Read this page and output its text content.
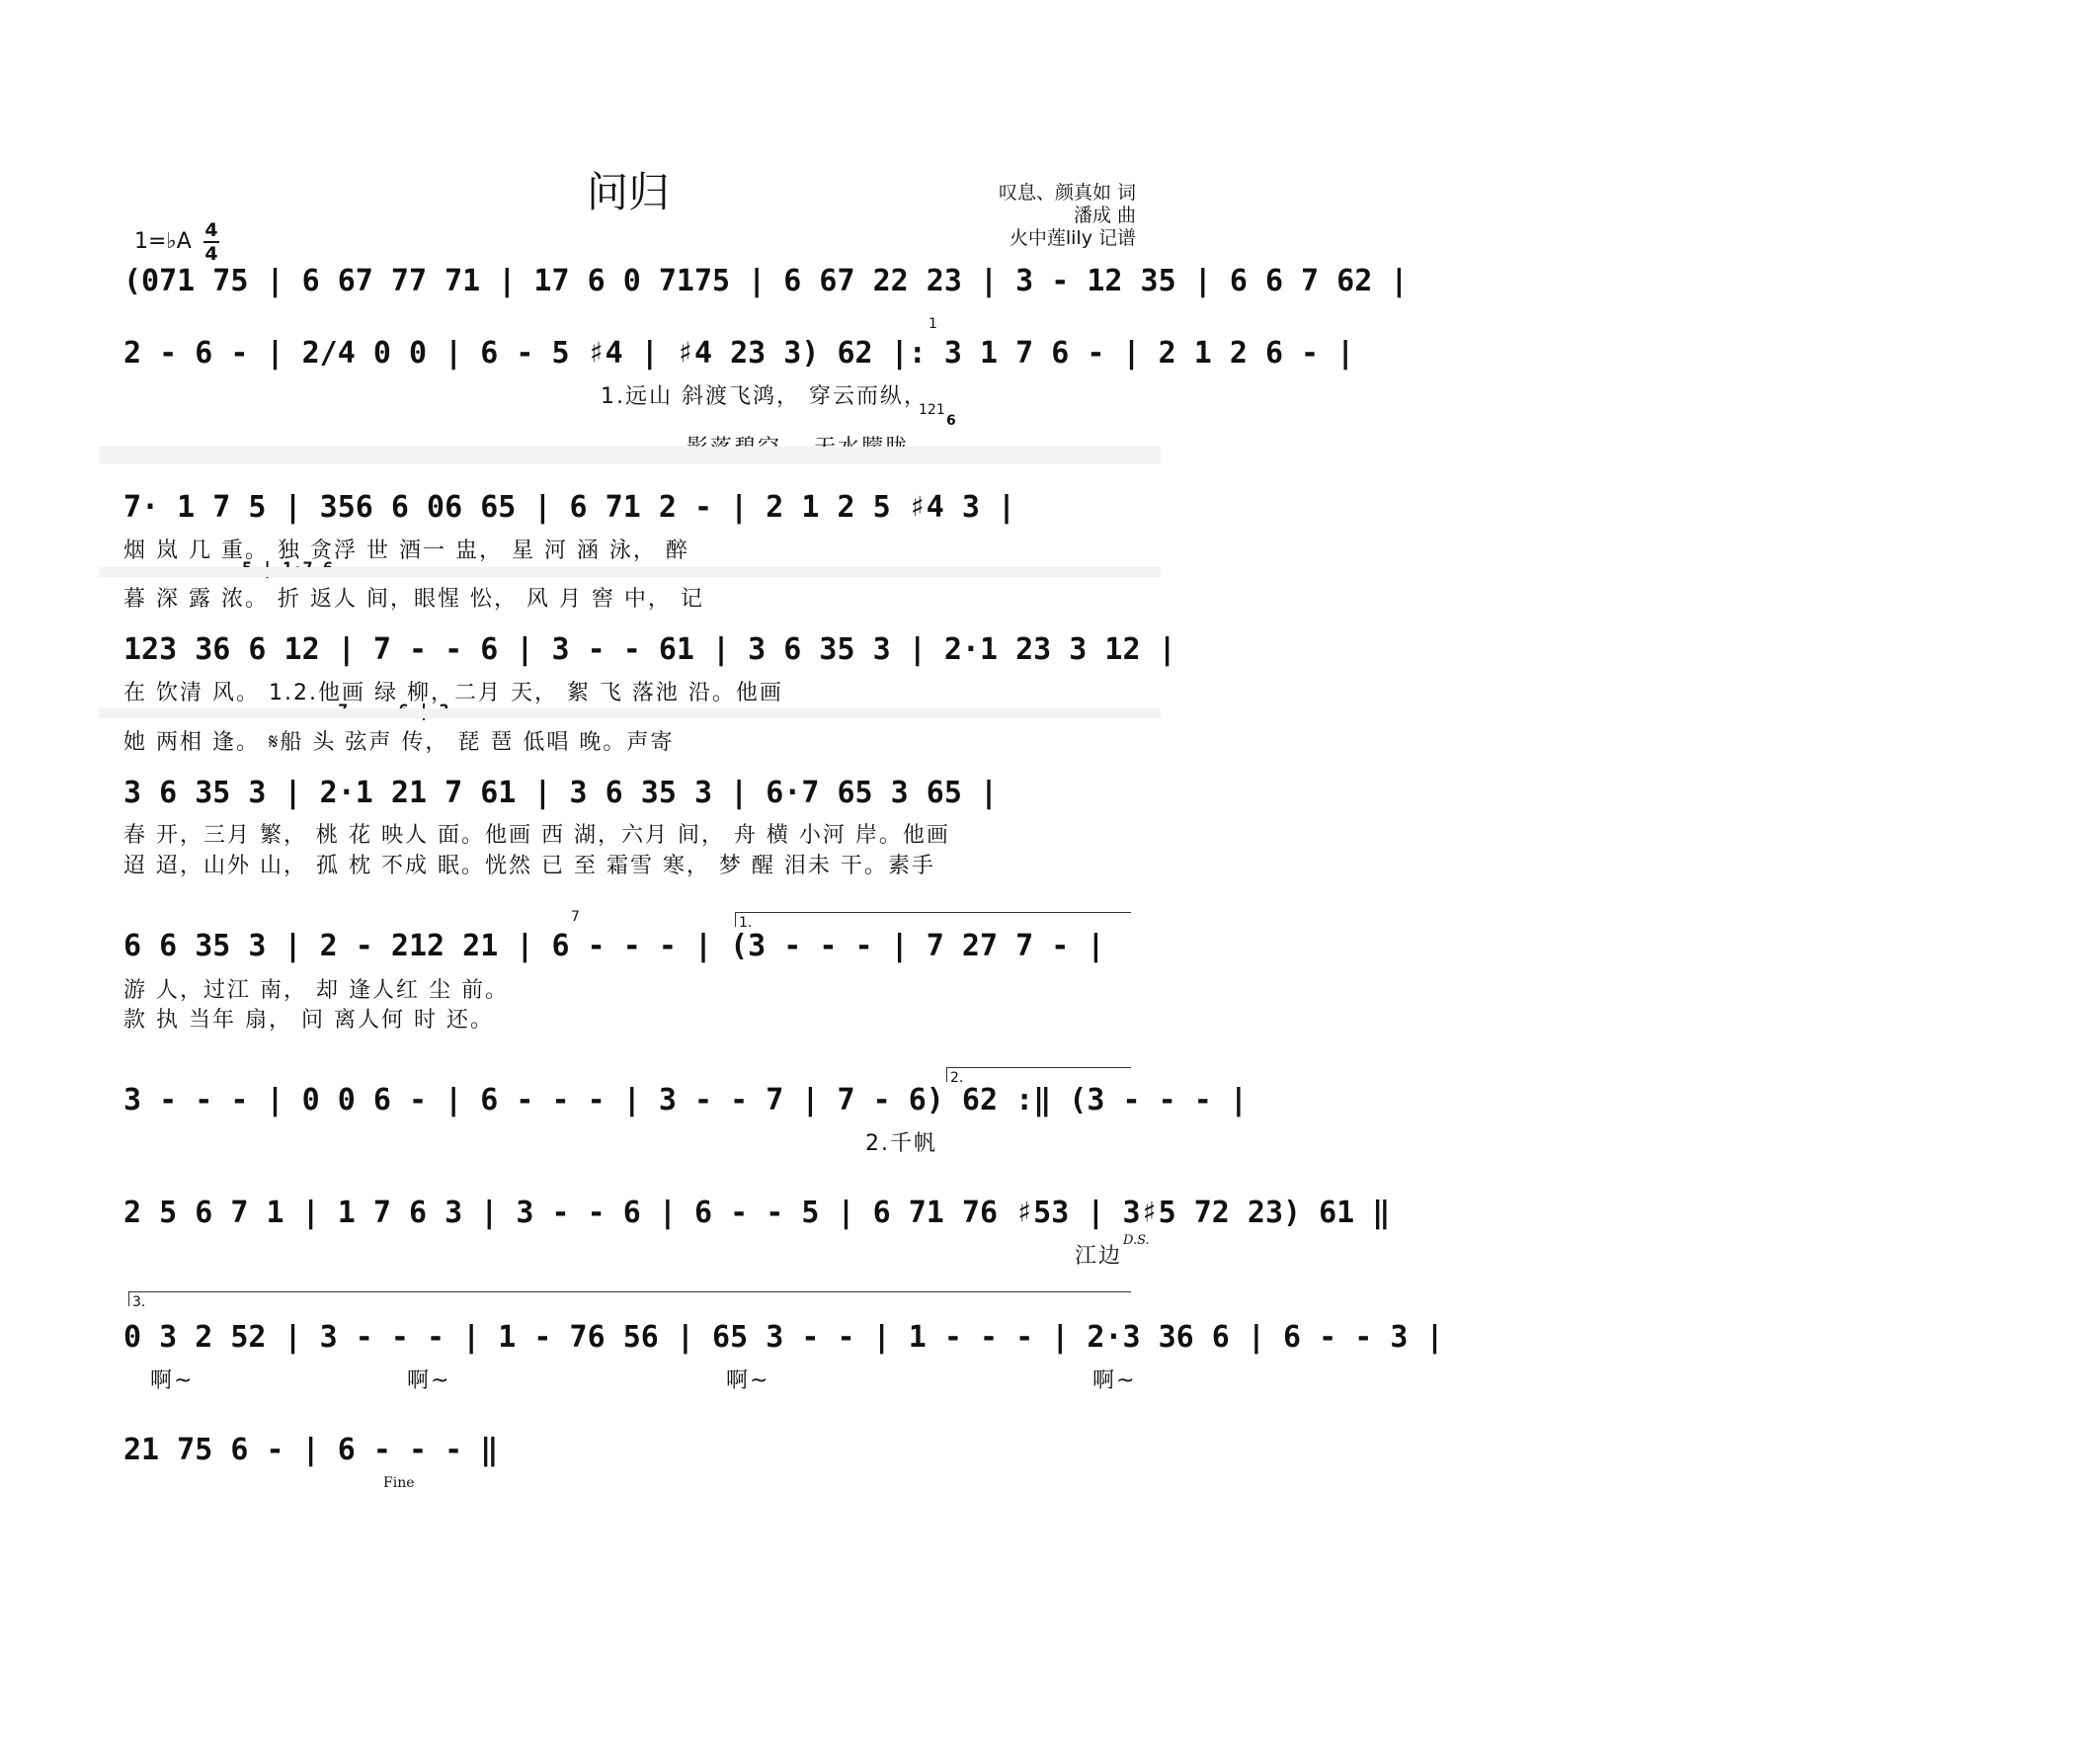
问归	叹息、颜真如 词
潘成 曲
火中莲lily 记谱
1=♭A 4
4
(071 75 | 6 67 77 71 | 17 6 0 7175 | 6 67 22 23 | 3 - 12 35 | 6 6 7 62 |
2 - 6 - | 2/4 0 0 | 6 - 5 ♯4 | ♯4 23 3) 62 |: 3 1 7 6 - | 2 1 2 6 - |
1
1.远山 斜渡飞鸿， 穿云而纵，
121
6
7· 1 7 5 | 356 6 06 65 | 6 71 2 - | 2 1 2 5 ♯4 3 |
烟 岚 几 重。 独 贪浮 世 酒一 盅， 星 河 涵 泳， 醉
暮 深 露 浓。 折 返人 间，眼惺 忪， 风 月 窖 中， 记
123 36 6 12 | 7 - - 6 | 3 - - 61 | 3 6 35 3 | 2·1 23 3 12 |
在 饮清 风。 1.2.他画 绿 柳，二月 天， 絮 飞 落池 沿。他画
她 两相 逢。 𝄋船 头 弦声 传， 琵 琶 低唱 晚。声寄
3 6 35 3 | 2·1 21 7 61 | 3 6 35 3 | 6·7 65 3 65 |
春 开，三月 繁， 桃 花 映人 面。他画 西 湖，六月 间， 舟 横 小河 岸。他画
迢 迢，山外 山， 孤 枕 不成 眠。恍然 已 至 霜雪 寒， 梦 醒 泪未 干。素手
1.
7
6 6 35 3 | 2 - 212 21 | 6 - - - | (3 - - - | 7 27 7 - |
游 人，过江 南， 却 逢人红 尘 前。
款 执 当年 扇， 问 离人何 时 还。
2.
3 - - - | 0 0 6 - | 6 - - - | 3 - - 7 | 7 - 6) 62 :‖ (3 - - - |
2.千帆
2 5 6 7 1 | 1 7 6 3 | 3 - - 6 | 6 - - 5 | 6 71 76 ♯53 | 3♯5 72 23) 61 ‖
D.S.
江边
3.
0 3 2 52 | 3 - - - | 1 - 76 56 | 65 3 - - | 1 - - - | 2·3 36 6 | 6 - - 3 |
啊~	啊~	啊~	啊~
21 75 6 - | 6 - - - ‖
Fine
